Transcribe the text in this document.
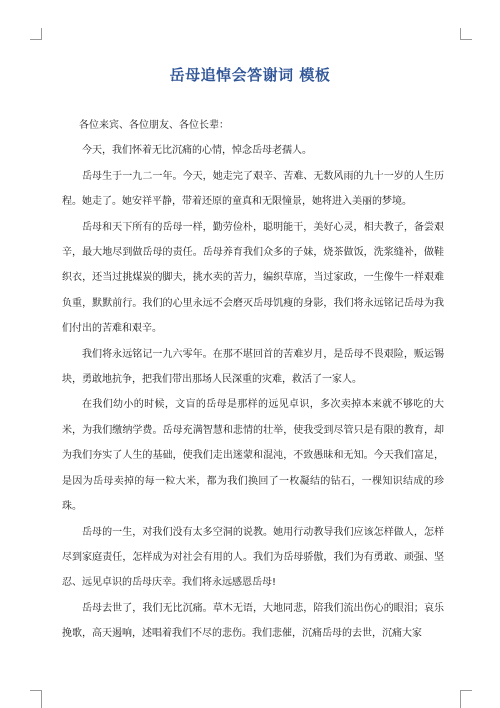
岳母追悼会答谢词 模板

各位来宾、各位朋友、各位长辈：

今天，我们怀着无比沉痛的心情，悼念岳母老孺人。

岳母生于一九二一年。今天，她走完了艰辛、苦难、无数风雨的九十一岁的人生历程。她走了。她安祥平静，带着还原的童真和无限憧景，她将进入美丽的梦境。

岳母和天下所有的岳母一样，勤劳俭朴，聪明能干，美好心灵，相夫教子，备尝艰辛，最大地尽到做岳母的责任。岳母养育我们众多的子妹，烧茶做饭，洗浆缝补，做鞋织衣，还当过挑煤炭的脚夫，挑水卖的苦力，编织草席，当过家政，一生像牛一样艰难负重，默默前行。我们的心里永远不会磨灭岳母饥瘦的身影，我们将永远铭记岳母为我们付出的苦难和艰辛。

我们将永远铭记一九六零年。在那不堪回首的苦难岁月，是岳母不畏艰险，贩运锡块，勇敢地抗争，把我们带出那场人民深重的灾难，救活了一家人。

在我们幼小的时候，文盲的岳母是那样的远见卓识，多次卖掉本来就不够吃的大米，为我们缴纳学费。岳母充满智慧和悲情的壮举，使我受到尽管只是有限的教育，却为我们夯实了人生的基础，使我们走出迷蒙和混沌，不致愚昧和无知。今天我们富足，是因为岳母卖掉的每一粒大米，都为我们换回了一枚凝结的钻石，一棵知识结成的珍珠。

岳母的一生，对我们没有太多空洞的说教。她用行动教导我们应该怎样做人，怎样尽到家庭责任，怎样成为对社会有用的人。我们为岳母骄傲，我们为有勇敢、顽强、坚忍、远见卓识的岳母庆幸。我们将永远感恩岳母!

岳母去世了，我们无比沉痛。草木无语，大地同悲，陪我们流出伤心的眼泪；哀乐挽歌，高天遏响，述唱着我们不尽的悲伤。我们悲催，沉痛岳母的去世，沉痛大家
